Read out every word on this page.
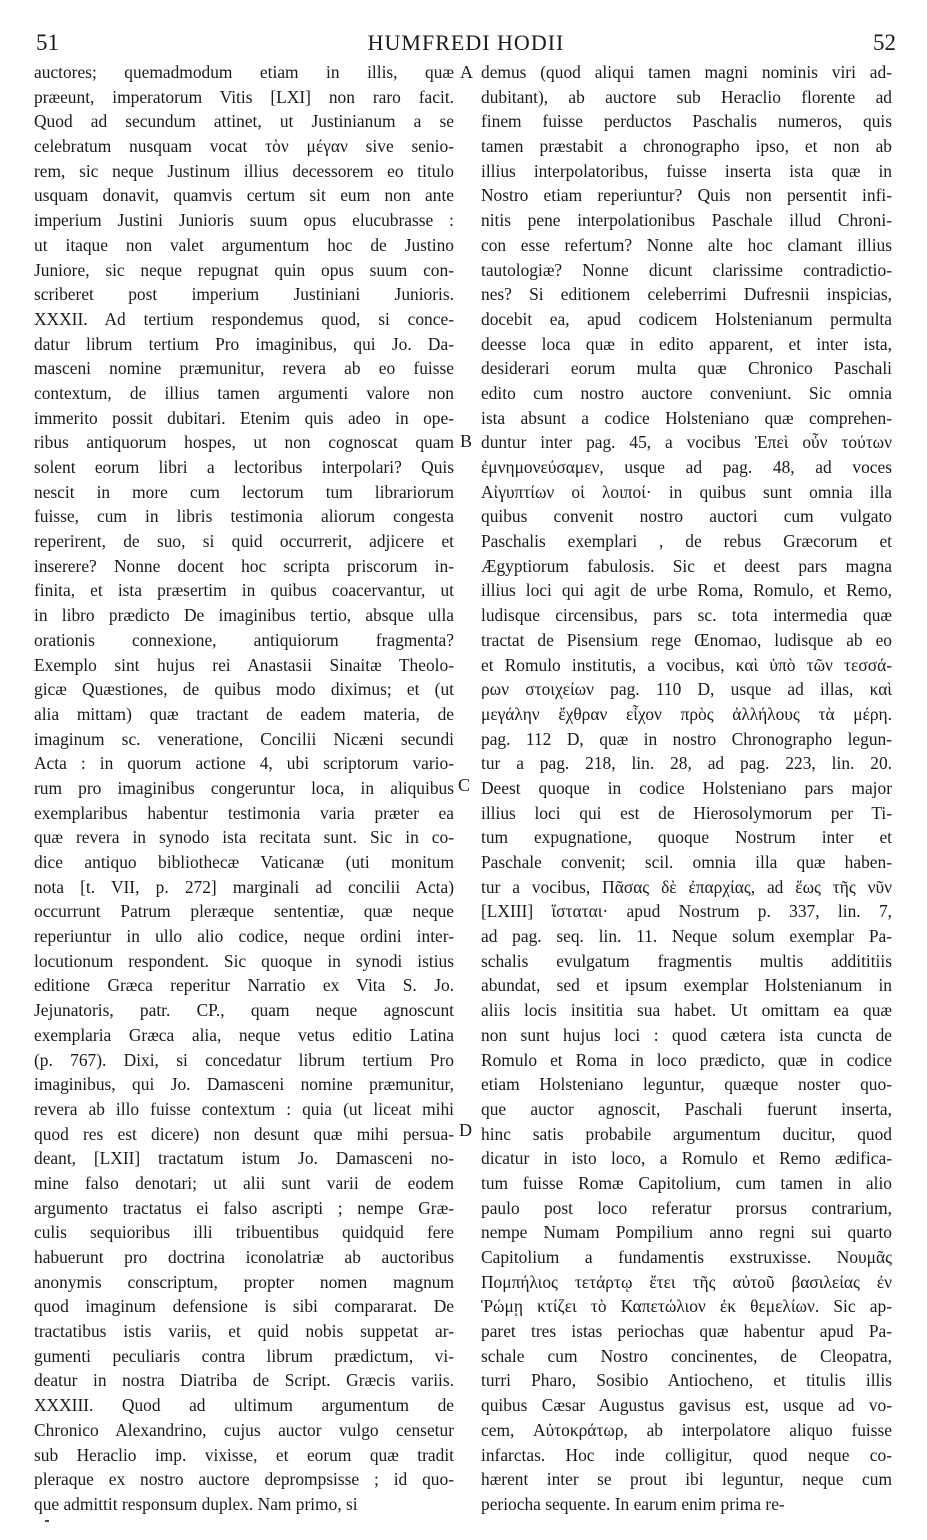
51	HUMFREDI HODII	52
auctores; quemadmodum etiam in illis, quæ
præeunt, imperatorum Vitis [LXI] non raro facit.
Quod ad secundum attinet, ut Justinianum a se
celebratum nusquam vocat τὸν μέγαν sive senio-
rem, sic neque Justinum illius decessorem eo titulo
usquam donavit, quamvis certum sit eum non ante
imperium Justini Junioris suum opus elucubrasse :
ut itaque non valet argumentum hoc de Justino
Juniore, sic neque repugnat quin opus suum con-
scriberet post imperium Justiniani Junioris.
XXXII. Ad tertium respondemus quod, si conce-
datur librum tertium Pro imaginibus, qui Jo. Da-
masceni nomine præmunitur, revera ab eo fuisse
contextum, de illius tamen argumenti valore non
immerito possit dubitari. Etenim quis adeo in ope-
ribus antiquorum hospes, ut non cognoscat quam
solent eorum libri a lectoribus interpolari? Quis
nescit in more cum lectorum tum librariorum
fuisse, cum in libris testimonia aliorum congesta
reperirent, de suo, si quid occurrerit, adjicere et
inserere? Nonne docent hoc scripta priscorum in-
finita, et ista præsertim in quibus coacervantur, ut
in libro prædicto De imaginibus tertio, absque ulla
orationis connexione, antiquiorum fragmenta?
Exemplo sint hujus rei Anastasii Sinaitæ Theolo-
gicæ Quæstiones, de quibus modo diximus; et (ut
alia mittam) quæ tractant de eadem materia, de
imaginum sc. veneratione, Concilii Nicæni secundi
Acta : in quorum actione 4, ubi scriptorum vario-
rum pro imaginibus congeruntur loca, in aliquibus
exemplaribus habentur testimonia varia præter ea
quæ revera in synodo ista recitata sunt. Sic in co-
dice antiquo bibliothecæ Vaticanæ (uti monitum
nota [t. VII, p. 272] marginali ad concilii Acta)
occurrunt Patrum pleræque sententiæ, quæ neque
reperiuntur in ullo alio codice, neque ordini inter-
locutionum respondent. Sic quoque in synodi istius
editione Græca reperitur Narratio ex Vita S. Jo.
Jejunatoris, patr. CP., quam neque agnoscunt
exemplaria Græca alia, neque vetus editio Latina
(p. 767). Dixi, si concedatur librum tertium Pro
imaginibus, qui Jo. Damasceni nomine præmunitur,
revera ab illo fuisse contextum : quia (ut liceat mihi
quod res est dicere) non desunt quæ mihi persua-
deant, [LXII] tractatum istum Jo. Damasceni no-
mine falso denotari; ut alii sunt varii de eodem
argumento tractatus ei falso ascripti ; nempe Græ-
culis sequioribus illi tribuentibus quidquid fere
habuerunt pro doctrina iconolatriæ ab auctoribus
anonymis conscriptum, propter nomen magnum
quod imaginum defensione is sibi compararat. De
tractatibus istis variis, et quid nobis suppetat ar-
gumenti peculiaris contra librum prædictum, vi-
deatur in nostra Diatriba de Script. Græcis variis.
XXXIII. Quod ad ultimum argumentum de
Chronico Alexandrino, cujus auctor vulgo censetur
sub Heraclio imp. vixisse, et eorum quæ tradit
pleraque ex nostro auctore deprompsisse ; id quo-
que admittit responsum duplex. Nam primo, si
demus (quod aliqui tamen magni nominis viri ad-
dubitant), ab auctore sub Heraclio florente ad
finem fuisse perductos Paschalis numeros, quis
tamen præstabit a chronographo ipso, et non ab
illius interpolatoribus, fuisse inserta ista quæ in
Nostro etiam reperiuntur? Quis non persentit infi-
nitis pene interpolationibus Paschale illud Chroni-
con esse refertum? Nonne alte hoc clamant illius
tautologiæ? Nonne dicunt clarissime contradictio-
nes? Si editionem celeberrimi Dufresnii inspicias,
docebit ea, apud codicem Holstenianum permulta
deesse loca quæ in edito apparent, et inter ista,
desiderari eorum multa quæ Chronico Paschali
edito cum nostro auctore conveniunt. Sic omnia
ista absunt a codice Holsteniano quæ comprehen-
duntur inter pag. 45, a vocibus Ἐπεὶ οὖν τούτων
ἐμνημονεύσαμεν, usque ad pag. 48, ad voces
Αἰγυπτίων οἱ λοιποί· in quibus sunt omnia illa
quibus convenit nostro auctori cum vulgato
Paschalis exemplari , de rebus Græcorum et
Ægyptiorum fabulosis. Sic et deest pars magna
illius loci qui agit de urbe Roma, Romulo, et Remo,
ludisque circensibus, pars sc. tota intermedia quæ
tractat de Pisensium rege Œnomao, ludisque ab eo
et Romulo institutis, a vocibus, καὶ ὑπὸ τῶν τεσσά-
ρων στοιχείων pag. 110 D, usque ad illas, καὶ
μεγάλην ἔχθραν εἶχον πρὸς ἀλλήλους τὰ μέρη.
pag. 112 D, quæ in nostro Chronographo legun-
tur a pag. 218, lin. 28, ad pag. 223, lin. 20.
Deest quoque in codice Holsteniano pars major
illius loci qui est de Hierosolymorum per Ti-
tum expugnatione, quoque Nostrum inter et
Paschale convenit; scil. omnia illa quæ haben-
tur a vocibus, Πᾶσας δὲ ἐπαρχίας, ad ἕως τῆς νῦν
[LXIII] ἵσταται· apud Nostrum p. 337, lin. 7,
ad pag. seq. lin. 11. Neque solum exemplar Pa-
schalis evulgatum fragmentis multis addititiis
abundat, sed et ipsum exemplar Holstenianum in
aliis locis insititia sua habet. Ut omittam ea quæ
non sunt hujus loci : quod cætera ista cuncta de
Romulo et Roma in loco prædicto, quæ in codice
etiam Holsteniano leguntur, quæque noster quo-
que auctor agnoscit, Paschali fuerunt inserta,
hinc satis probabile argumentum ducitur, quod
dicatur in isto loco, a Romulo et Remo ædifica-
tum fuisse Romæ Capitolium, cum tamen in alio
paulo post loco referatur prorsus contrarium,
nempe Numam Pompilium anno regni sui quarto
Capitolium a fundamentis exstruxisse. Νουμᾶς
Πομπήλιος τετάρτῳ ἔτει τῆς αὐτοῦ βασιλείας ἐν
Ῥώμῃ κτίζει τὸ Καπετώλιον ἐκ θεμελίων. Sic ap-
paret tres istas periochas quæ habentur apud Pa-
schale cum Nostro concinentes, de Cleopatra,
turri Pharo, Sosibio Antiocheno, et titulis illis
quibus Cæsar Augustus gavisus est, usque ad vo-
cem, Αὐτοκράτωρ, ab interpolatore aliquo fuisse
infarctas. Hoc inde colligitur, quod neque co-
hærent inter se prout ibi leguntur, neque cum
periocha sequente. In earum enim prima re-
A
B
C
D
